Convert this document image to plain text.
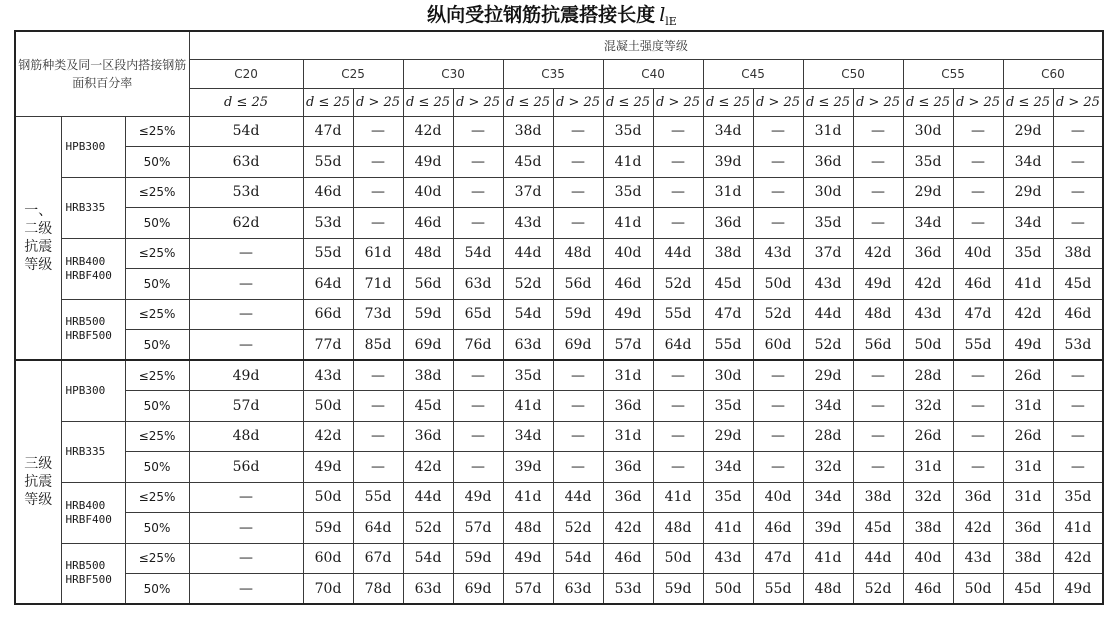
纵向受拉钢筋抗震搭接长度 $l_{lE}$
钢筋种类及同一区段内搭接钢筋面积百分率			混凝土强度等级																
			C20	C25		C30		C35		C40		C45		C50		C55		C60	
			d ≤ 25	d ≤ 25	d > 25	d ≤ 25	d > 25	d ≤ 25	d > 25	d ≤ 25	d > 25	d ≤ 25	d > 25	d ≤ 25	d > 25	d ≤ 25	d > 25	d ≤ 25	d > 25
一、二级抗震等级	HPB300	≤25%	54d	47d	—	42d	—	38d	—	35d	—	34d	—	31d	—	30d	—	29d	—
		50%	63d	55d	—	49d	—	45d	—	41d	—	39d	—	36d	—	35d	—	34d	—
	HRB335	≤25%	53d	46d	—	40d	—	37d	—	35d	—	31d	—	30d	—	29d	—	29d	—
		50%	62d	53d	—	46d	—	43d	—	41d	—	36d	—	35d	—	34d	—	34d	—
	HRB400 HRBF400	≤25%	—	55d	61d	48d	54d	44d	48d	40d	44d	38d	43d	37d	42d	36d	40d	35d	38d
		50%	—	64d	71d	56d	63d	52d	56d	46d	52d	45d	50d	43d	49d	42d	46d	41d	45d
	HRB500 HRBF500	≤25%	—	66d	73d	59d	65d	54d	59d	49d	55d	47d	52d	44d	48d	43d	47d	42d	46d
		50%	—	77d	85d	69d	76d	63d	69d	57d	64d	55d	60d	52d	56d	50d	55d	49d	53d
三级抗震等级	HPB300	≤25%	49d	43d	—	38d	—	35d	—	31d	—	30d	—	29d	—	28d	—	26d	—
		50%	57d	50d	—	45d	—	41d	—	36d	—	35d	—	34d	—	32d	—	31d	—
	HRB335	≤25%	48d	42d	—	36d	—	34d	—	31d	—	29d	—	28d	—	26d	—	26d	—
		50%	56d	49d	—	42d	—	39d	—	36d	—	34d	—	32d	—	31d	—	31d	—
	HRB400 HRBF400	≤25%	—	50d	55d	44d	49d	41d	44d	36d	41d	35d	40d	34d	38d	32d	36d	31d	35d
		50%	—	59d	64d	52d	57d	48d	52d	42d	48d	41d	46d	39d	45d	38d	42d	36d	41d
	HRB500 HRBF500	≤25%	—	60d	67d	54d	59d	49d	54d	46d	50d	43d	47d	41d	44d	40d	43d	38d	42d
		50%	—	70d	78d	63d	69d	57d	63d	53d	59d	50d	55d	48d	52d	46d	50d	45d	49d
